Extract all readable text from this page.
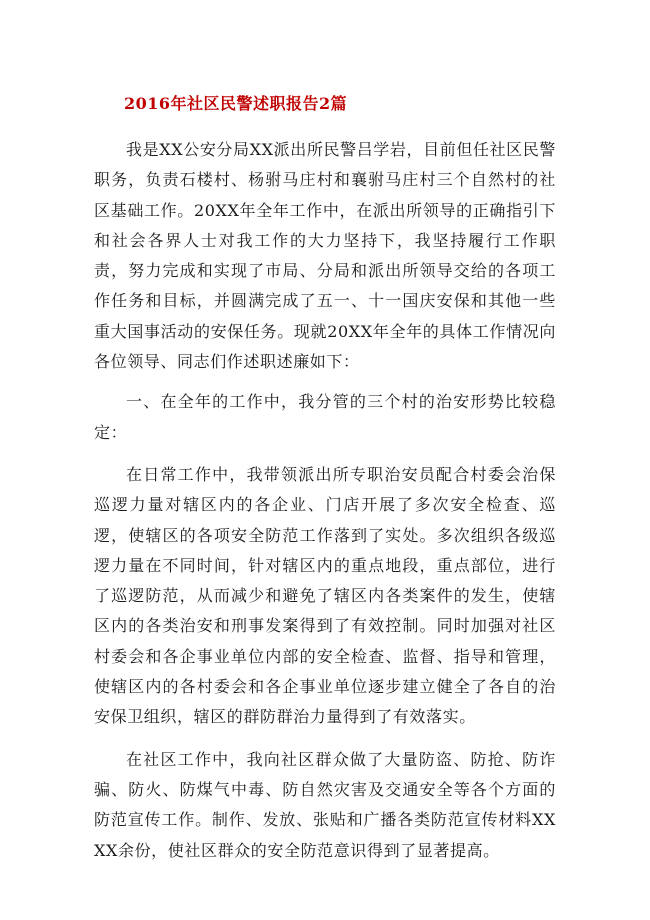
2016年社区民警述职报告2篇

我是XX公安分局XX派出所民警吕学岩，目前但任社区民警职务，负责石楼村、杨驸马庄村和襄驸马庄村三个自然村的社区基础工作。20XX年全年工作中，在派出所领导的正确指引下和社会各界人士对我工作的大力坚持下，我坚持履行工作职责，努力完成和实现了市局、分局和派出所领导交给的各项工作任务和目标，并圆满完成了五一、十一国庆安保和其他一些重大国事活动的安保任务。现就20XX年全年的具体工作情况向各位领导、同志们作述职述廉如下：

一、在全年的工作中，我分管的三个村的治安形势比较稳定：

在日常工作中，我带领派出所专职治安员配合村委会治保巡逻力量对辖区内的各企业、门店开展了多次安全检查、巡逻，使辖区的各项安全防范工作落到了实处。多次组织各级巡逻力量在不同时间，针对辖区内的重点地段，重点部位，进行了巡逻防范，从而减少和避免了辖区内各类案件的发生，使辖区内的各类治安和刑事发案得到了有效控制。同时加强对社区村委会和各企事业单位内部的安全检查、监督、指导和管理，使辖区内的各村委会和各企事业单位逐步建立健全了各自的治安保卫组织，辖区的群防群治力量得到了有效落实。

在社区工作中，我向社区群众做了大量防盗、防抢、防诈骗、防火、防煤气中毒、防自然灾害及交通安全等各个方面的防范宣传工作。制作、发放、张贴和广播各类防范宣传材料XXXX余份，使社区群众的安全防范意识得到了显著提高。
